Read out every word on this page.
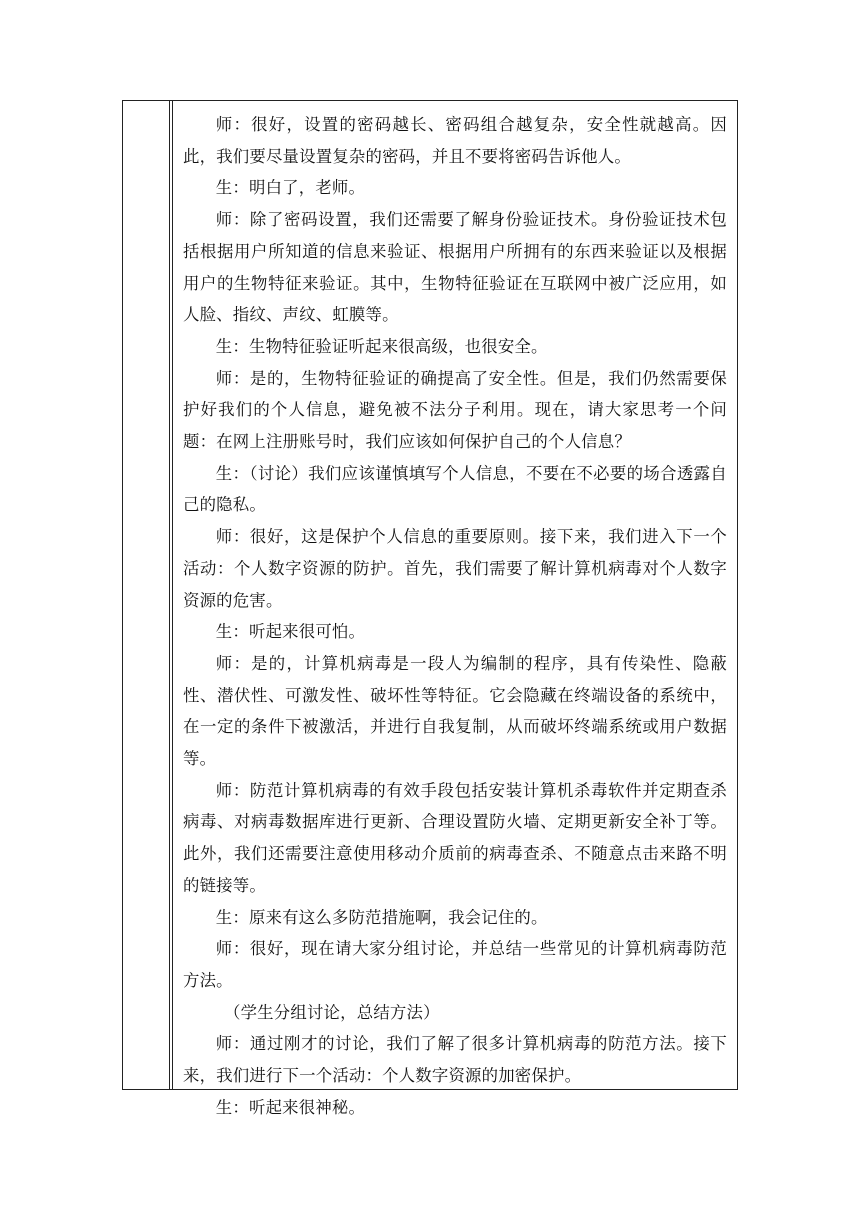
师：很好，设置的密码越长、密码组合越复杂，安全性就越高。因此，我们要尽量设置复杂的密码，并且不要将密码告诉他人。

生：明白了，老师。

师：除了密码设置，我们还需要了解身份验证技术。身份验证技术包括根据用户所知道的信息来验证、根据用户所拥有的东西来验证以及根据用户的生物特征来验证。其中，生物特征验证在互联网中被广泛应用，如人脸、指纹、声纹、虹膜等。

生：生物特征验证听起来很高级，也很安全。

师：是的，生物特征验证的确提高了安全性。但是，我们仍然需要保护好我们的个人信息，避免被不法分子利用。现在，请大家思考一个问题：在网上注册账号时，我们应该如何保护自己的个人信息？

生：（讨论）我们应该谨慎填写个人信息，不要在不必要的场合透露自己的隐私。

师：很好，这是保护个人信息的重要原则。接下来，我们进入下一个活动：个人数字资源的防护。首先，我们需要了解计算机病毒对个人数字资源的危害。

生：听起来很可怕。

师：是的，计算机病毒是一段人为编制的程序，具有传染性、隐蔽性、潜伏性、可激发性、破坏性等特征。它会隐藏在终端设备的系统中，在一定的条件下被激活，并进行自我复制，从而破坏终端系统或用户数据等。

师：防范计算机病毒的有效手段包括安装计算机杀毒软件并定期查杀病毒、对病毒数据库进行更新、合理设置防火墙、定期更新安全补丁等。此外，我们还需要注意使用移动介质前的病毒查杀、不随意点击来路不明的链接等。

生：原来有这么多防范措施啊，我会记住的。

师：很好，现在请大家分组讨论，并总结一些常见的计算机病毒防范方法。

（学生分组讨论，总结方法）

师：通过刚才的讨论，我们了解了很多计算机病毒的防范方法。接下来，我们进行下一个活动：个人数字资源的加密保护。

生：听起来很神秘。
